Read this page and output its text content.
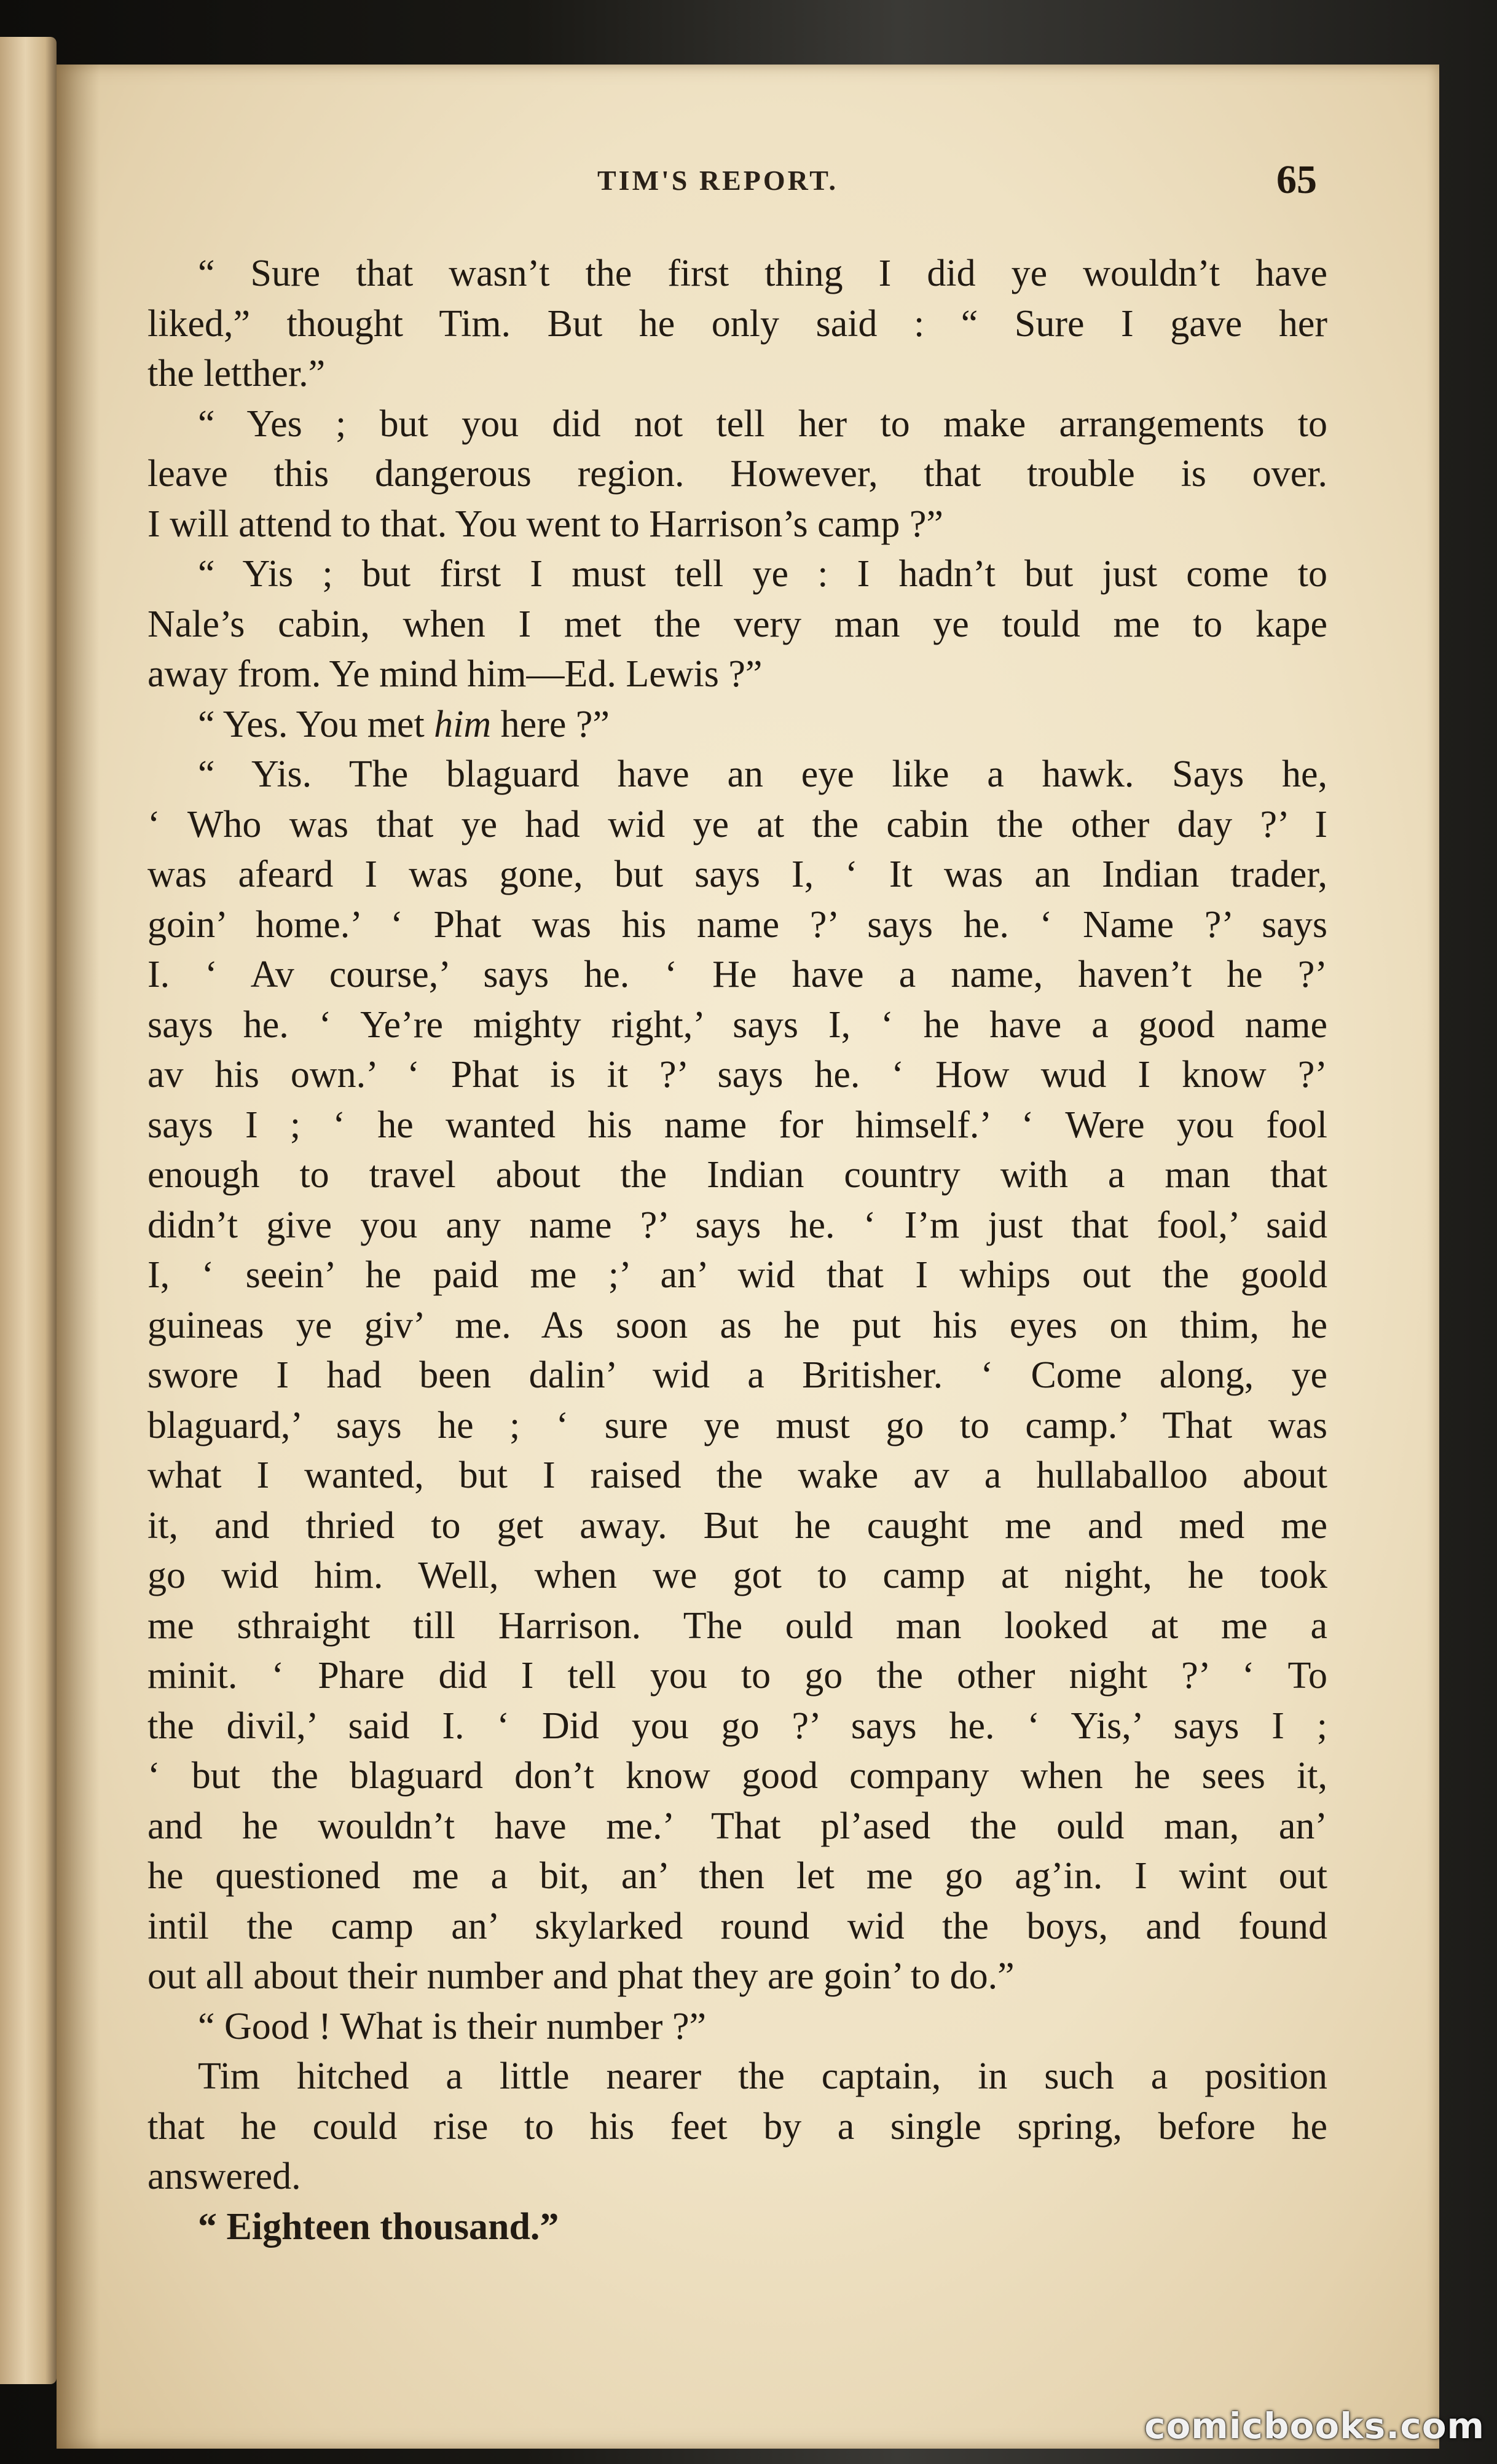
TIM'S REPORT.	65
“ Sure that wasn’t the first thing I did ye wouldn’t have
liked,” thought Tim. But he only said : “ Sure I gave her
the letther.”
“ Yes ; but you did not tell her to make arrangements to
leave this dangerous region. However, that trouble is over.
I will attend to that. You went to Harrison’s camp ?”
“ Yis ; but first I must tell ye : I hadn’t but just come to
Nale’s cabin, when I met the very man ye tould me to kape
away from. Ye mind him—Ed. Lewis ?”
“ Yes. You met him here ?”
“ Yis. The blaguard have an eye like a hawk. Says he,
‘ Who was that ye had wid ye at the cabin the other day ?’ I
was afeard I was gone, but says I, ‘ It was an Indian trader,
goin’ home.’ ‘ Phat was his name ?’ says he. ‘ Name ?’ says
I. ‘ Av course,’ says he. ‘ He have a name, haven’t he ?’
says he. ‘ Ye’re mighty right,’ says I, ‘ he have a good name
av his own.’ ‘ Phat is it ?’ says he. ‘ How wud I know ?’
says I ; ‘ he wanted his name for himself.’ ‘ Were you fool
enough to travel about the Indian country with a man that
didn’t give you any name ?’ says he. ‘ I’m just that fool,’ said
I, ‘ seein’ he paid me ;’ an’ wid that I whips out the goold
guineas ye giv’ me. As soon as he put his eyes on thim, he
swore I had been dalin’ wid a Britisher. ‘ Come along, ye
blaguard,’ says he ; ‘ sure ye must go to camp.’ That was
what I wanted, but I raised the wake av a hullaballoo about
it, and thried to get away. But he caught me and med me
go wid him. Well, when we got to camp at night, he took
me sthraight till Harrison. The ould man looked at me a
minit. ‘ Phare did I tell you to go the other night ?’ ‘ To
the divil,’ said I. ‘ Did you go ?’ says he. ‘ Yis,’ says I ;
‘ but the blaguard don’t know good company when he sees it,
and he wouldn’t have me.’ That pl’ased the ould man, an’
he questioned me a bit, an’ then let me go ag’in. I wint out
intil the camp an’ skylarked round wid the boys, and found
out all about their number and phat they are goin’ to do.”
“ Good ! What is their number ?”
Tim hitched a little nearer the captain, in such a position
that he could rise to his feet by a single spring, before he
answered.
“ Eighteen thousand.”
comicbooks.com
